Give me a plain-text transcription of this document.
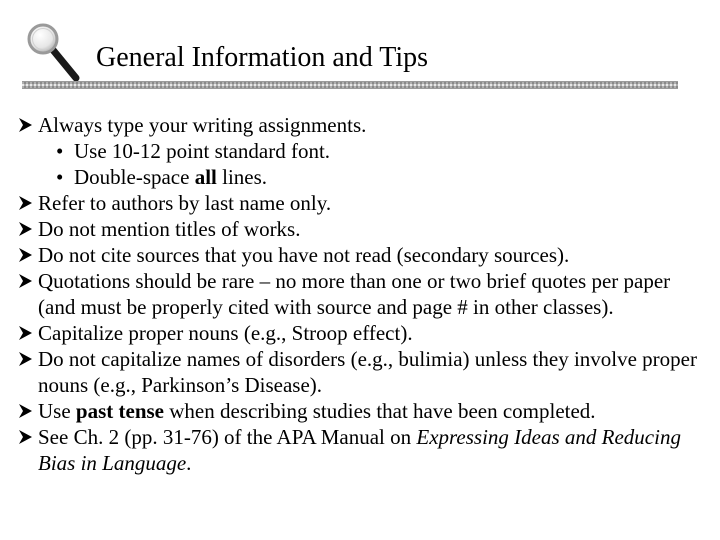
General Information and Tips
Always type your writing assignments.
• Use 10-12 point standard font.
• Double-space all lines.
Refer to authors by last name only.
Do not mention titles of works.
Do not cite sources that you have not read (secondary sources).
Quotations should be rare – no more than one or two brief quotes per paper (and must be properly cited with source and page # in other classes).
Capitalize proper nouns (e.g., Stroop effect).
Do not capitalize names of disorders (e.g., bulimia) unless they involve proper nouns (e.g., Parkinson’s Disease).
Use past tense when describing studies that have been completed.
See Ch. 2 (pp. 31-76) of the APA Manual on Expressing Ideas and Reducing Bias in Language.
